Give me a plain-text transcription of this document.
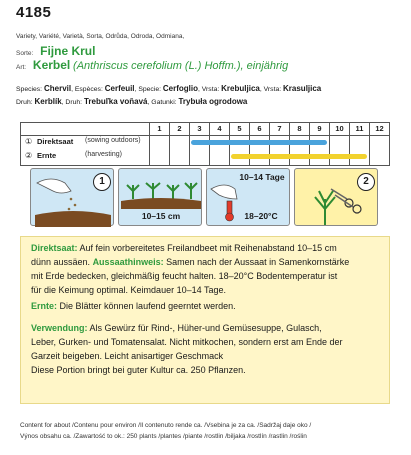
4185
Variety, Variété, Varietà, Sorta, Odrůda, Odroda, Odmiana,
Sorte: Fijne Krul
Art: Kerbel (Anthriscus cerefolium (L.) Hoffm.), einjährig
Species: Chervil, Espèces: Cerfeuil, Specie: Cerfoglio, Vrsta: Krebuljica, Vrsta: Krasuljica
Druh: Kerblík, Druh: Trebuľka voňavá, Gatunki: Trybuła ogrodowa
1	2	3	4	5	6	7	8	9	10	11	12
① Direktsaat (sowing outdoors)
② Ernte	(harvesting)
1
10–15 cm
10–14 Tage
18–20°C
2
Direktsaat: Auf fein vorbereitetes Freilandbeet mit Reihenabstand 10–15 cm
dünn aussäen. Aussaathinweis: Samen nach der Aussaat in Samenkornstärke
mit Erde bedecken, gleichmäßig feucht halten. 18–20°C Bodentemperatur ist
für die Keimung optimal. Keimdauer 10–14 Tage.
Ernte: Die Blätter können laufend geerntet werden.
Verwendung: Als Gewürz für Rind-, Hüher-und Gemüsesuppe, Gulasch,
Leber, Gurken- und Tomatensalat. Nicht mitkochen, sondern erst am Ende der
Garzeit beigeben. Leicht anisartiger Geschmack
Diese Portion bringt bei guter Kultur ca. 250 Pflanzen.
Content for about /Contenu pour environ /Il contenuto rende ca. /Vsebina je za ca. /Sadržaj daje oko /
Výnos obsahu ca. /Zawartość to ok.: 250 plants /plantes /piante /rostlin /biljaka /rostlín /rastlin /roślin
